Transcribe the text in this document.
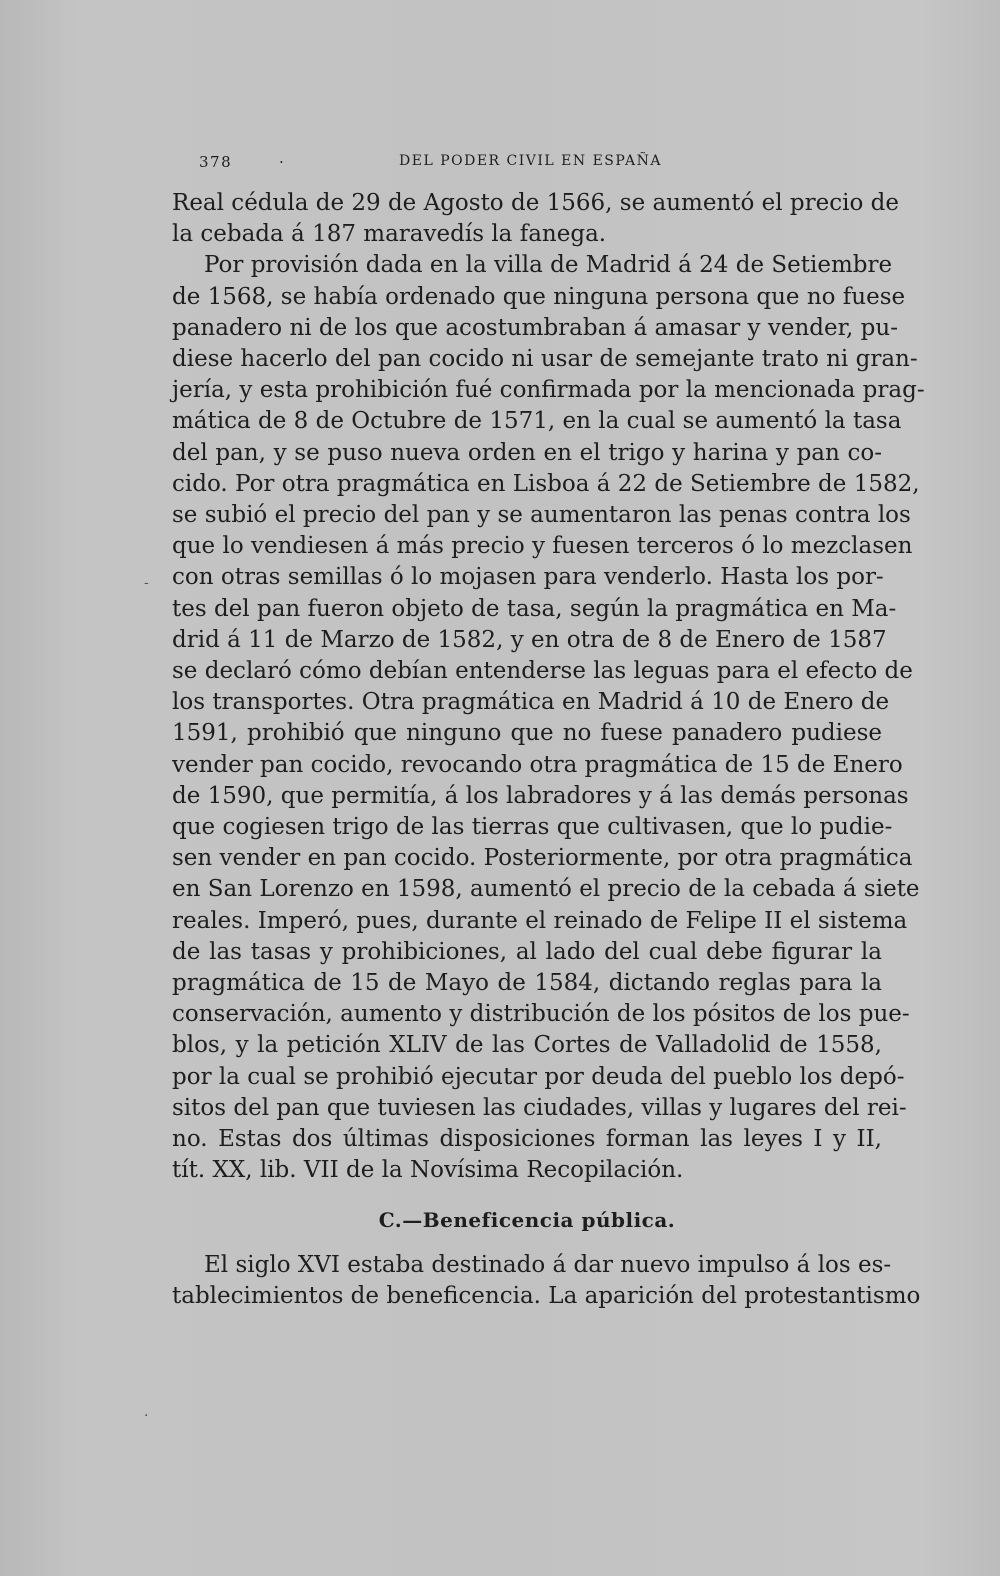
378	.	DEL PODER CIVIL EN ESPAÑA
Real cédula de 29 de Agosto de 1566, se aumentó el precio de
la cebada á 187 maravedís la fanega.
Por provisión dada en la villa de Madrid á 24 de Setiembre
de 1568, se había ordenado que ninguna persona que no fuese
panadero ni de los que acostumbraban á amasar y vender, pu-
diese hacerlo del pan cocido ni usar de semejante trato ni gran-
jería, y esta prohibición fué confirmada por la mencionada prag-
mática de 8 de Octubre de 1571, en la cual se aumentó la tasa
del pan, y se puso nueva orden en el trigo y harina y pan co-
cido. Por otra pragmática en Lisboa á 22 de Setiembre de 1582,
se subió el precio del pan y se aumentaron las penas contra los
que lo vendiesen á más precio y fuesen terceros ó lo mezclasen
con otras semillas ó lo mojasen para venderlo. Hasta los por-
tes del pan fueron objeto de tasa, según la pragmática en Ma-
drid á 11 de Marzo de 1582, y en otra de 8 de Enero de 1587
se declaró cómo debían entenderse las leguas para el efecto de
los transportes. Otra pragmática en Madrid á 10 de Enero de
1591, prohibió que ninguno que no fuese panadero pudiese
vender pan cocido, revocando otra pragmática de 15 de Enero
de 1590, que permitía, á los labradores y á las demás personas
que cogiesen trigo de las tierras que cultivasen, que lo pudie-
sen vender en pan cocido. Posteriormente, por otra pragmática
en San Lorenzo en 1598, aumentó el precio de la cebada á siete
reales. Imperó, pues, durante el reinado de Felipe II el sistema
de las tasas y prohibiciones, al lado del cual debe figurar la
pragmática de 15 de Mayo de 1584, dictando reglas para la
conservación, aumento y distribución de los pósitos de los pue-
blos, y la petición XLIV de las Cortes de Valladolid de 1558,
por la cual se prohibió ejecutar por deuda del pueblo los depó-
sitos del pan que tuviesen las ciudades, villas y lugares del rei-
no. Estas dos últimas disposiciones forman las leyes I y II,
tít. XX, lib. VII de la Novísima Recopilación.
C.—Beneficencia pública.
El siglo XVI estaba destinado á dar nuevo impulso á los es-
tablecimientos de beneficencia. La aparición del protestantismo
‐
·
